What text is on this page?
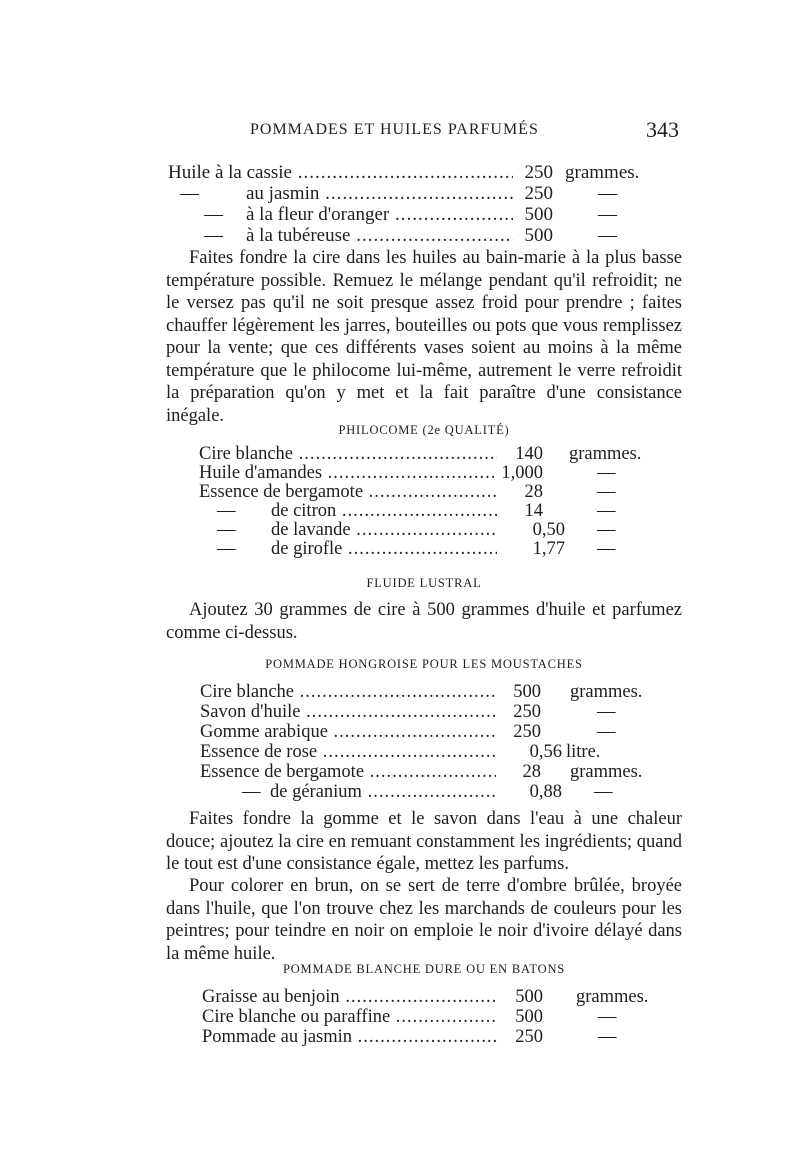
POMMADES ET HUILES PARFUMÉS	343
Huile à la cassie .....	250 grammes.
— au jasmin .....	250 —
— à la fleur d'oranger .....	500 —
— à la tubéreuse .....	500 —

Faites fondre la cire dans les huiles au bain-marie à la plus basse température possible. Remuez le mélange pendant qu'il refroidit; ne le versez pas qu'il ne soit presque assez froid pour prendre ; faites chauffer légèrement les jarres, bouteilles ou pots que vous remplissez pour la vente; que ces différents vases soient au moins à la même température que le philocome lui-même, autrement le verre refroidit la préparation qu'on y met et la fait paraître d'une consistance inégale.

PHILOCOME (2e QUALITÉ)
Cire blanche .....	140 grammes.
Huile d'amandes .....	1,000	—
Essence de bergamote .....	28	—
— de citron .....	14	—
— de lavande .....	0,50 —
— de girofle .....	1,77 —
FLUIDE LUSTRAL

Ajoutez 30 grammes de cire à 500 grammes d'huile et parfumez comme ci-dessus.

POMMADE HONGROISE POUR LES MOUSTACHES
Cire blanche .....	500 grammes.
Savon d'huile .....	250	—
Gomme arabique .....	250	—
Essence de rose .....	0,56 litre.
Essence de bergamote .....	28 grammes.
— de géranium .....	0,88 —

Faites fondre la gomme et le savon dans l'eau à une chaleur douce; ajoutez la cire en remuant constamment les ingrédients; quand le tout est d'une consistance égale, mettez les parfums.

Pour colorer en brun, on se sert de terre d'ombre brûlée, broyée dans l'huile, que l'on trouve chez les marchands de couleurs pour les peintres; pour teindre en noir on emploie le noir d'ivoire délayé dans la même huile.

POMMADE BLANCHE DURE OU EN BATONS
Graisse au benjoin .....	500 grammes.
Cire blanche ou paraffine .....	500	—
Pommade au jasmin .....	250	—
